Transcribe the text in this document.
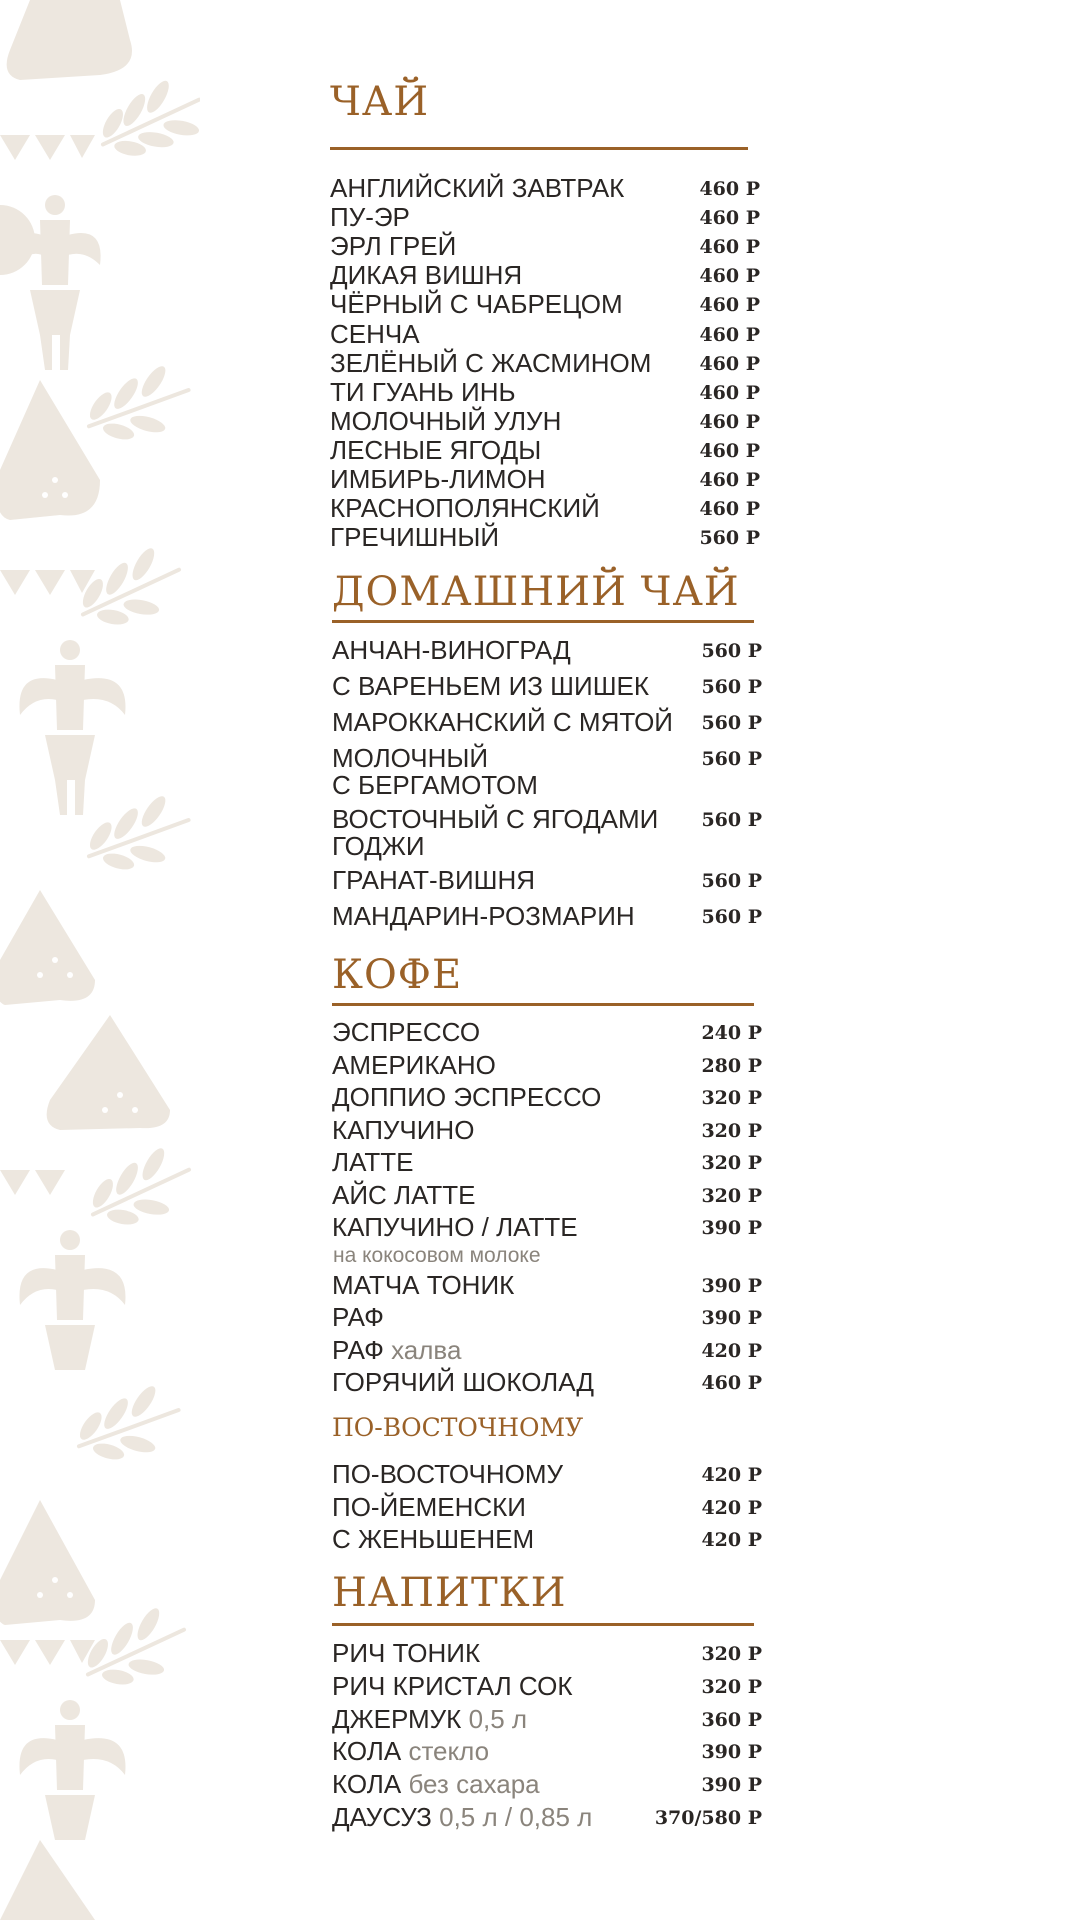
ЧАЙ
АНГЛИЙСКИЙ ЗАВТРАК	460 Р
ПУ-ЭР	460 Р
ЭРЛ ГРЕЙ	460 Р
ДИКАЯ ВИШНЯ	460 Р
ЧЁРНЫЙ С ЧАБРЕЦОМ	460 Р
СЕНЧА	460 Р
ЗЕЛЁНЫЙ С ЖАСМИНОМ	460 Р
ТИ ГУАНЬ ИНЬ	460 Р
МОЛОЧНЫЙ УЛУН	460 Р
ЛЕСНЫЕ ЯГОДЫ	460 Р
ИМБИРЬ-ЛИМОН	460 Р
КРАСНОПОЛЯНСКИЙ	460 Р
ГРЕЧИШНЫЙ	560 Р
ДОМАШНИЙ ЧАЙ
АНЧАН-ВИНОГРАД	560 Р
С ВАРЕНЬЕМ ИЗ ШИШЕК	560 Р
МАРОККАНСКИЙ С МЯТОЙ 560 Р
МОЛОЧНЫЙ
С БЕРГАМОТОМ
560 Р
ВОСТОЧНЫЙ С ЯГОДАМИ
ГОДЖИ
560 Р
ГРАНАТ-ВИШНЯ	560 Р
МАНДАРИН-РОЗМАРИН	560 Р
КОФЕ
ЭСПРЕССО	240 Р
АМЕРИКАНО	280 Р
ДОППИО ЭСПРЕССО	320 Р
КАПУЧИНО	320 Р
ЛАТТЕ	320 Р
АЙС ЛАТТЕ	320 Р
КАПУЧИНО / ЛАТТЕ
на кокосовом молоке
390 Р
МАТЧА ТОНИК	390 Р
РАФ	390 Р
РАФ халва	420 Р
ГОРЯЧИЙ ШОКОЛАД	460 Р
ПО-ВОСТОЧНОМУ
ПО-ВОСТОЧНОМУ	420 Р
ПО-ЙЕМЕНСКИ	420 Р
С ЖЕНЬШЕНЕМ	420 Р
НАПИТКИ
РИЧ ТОНИК	320 Р
РИЧ КРИСТАЛ СОК	320 Р
ДЖЕРМУК 0,5 л	360 Р
КОЛА стекло	390 Р
КОЛА без сахара	390 Р
ДАУСУЗ 0,5 л / 0,85 л	370/580 Р
